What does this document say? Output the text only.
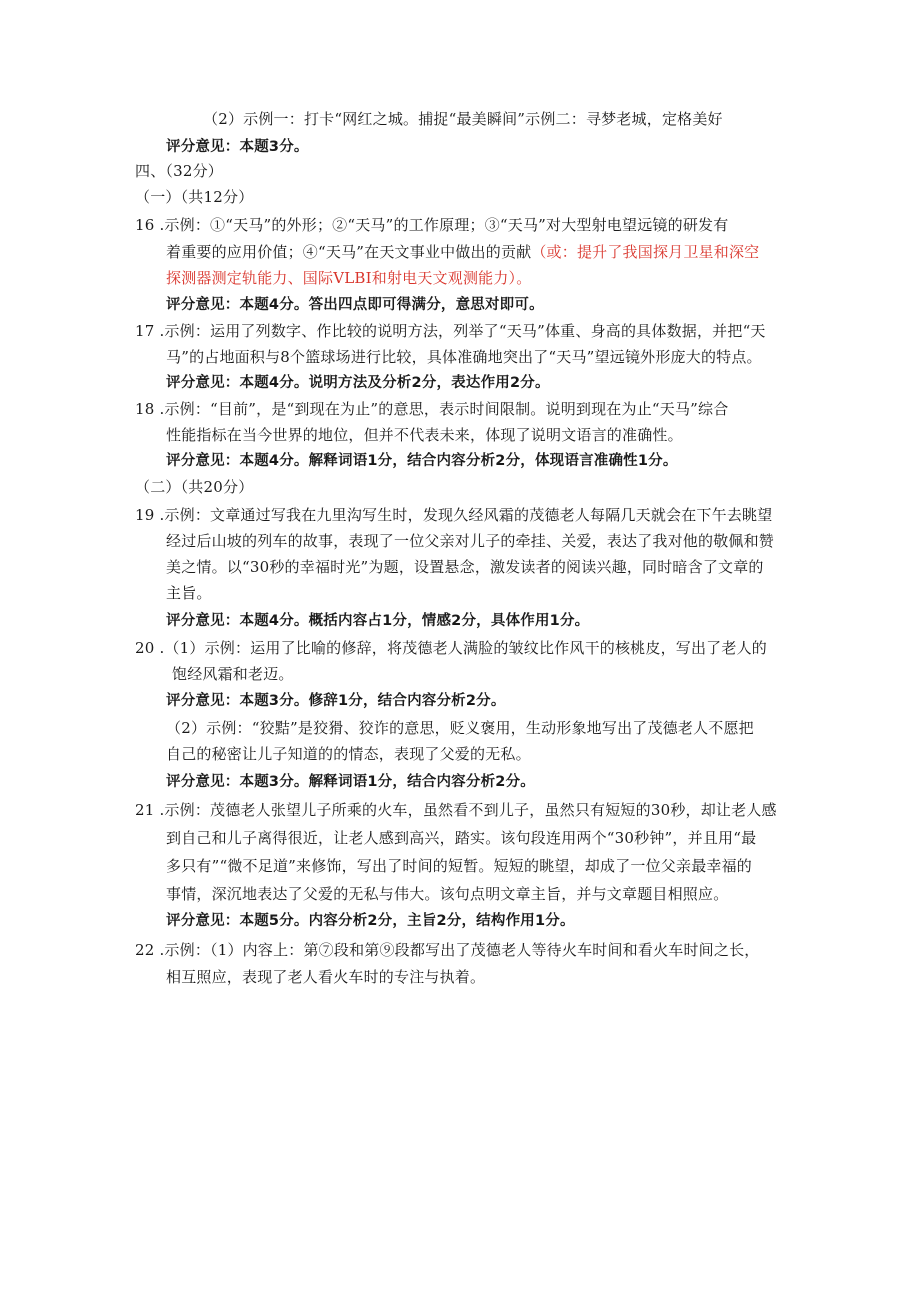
（2）示例一：打卡“网红之城。捕捉“最美瞬间”示例二：寻梦老城，定格美好
评分意见：本题3分。
四、（32分）
（一）（共12分）
16 .示例：①“天马”的外形；②“天马”的工作原理；③“天马”对大型射电望远镜的研发有
着重要的应用价值；④“天马”在天文事业中做出的贡献（或：提升了我国探月卫星和深空
探测器测定轨能力、国际VLBI和射电天文观测能力）。
评分意见：本题4分。答出四点即可得满分，意思对即可。
17 .示例：运用了列数字、作比较的说明方法，列举了“天马”体重、身高的具体数据，并把“天
马”的占地面积与8个篮球场进行比较，具体准确地突出了“天马”望远镜外形庞大的特点。
评分意见：本题4分。说明方法及分析2分，表达作用2分。
18 .示例：“目前”，是“到现在为止”的意思，表示时间限制。说明到现在为止“天马”综合
性能指标在当今世界的地位，但并不代表未来，体现了说明文语言的准确性。
评分意见：本题4分。解释词语1分，结合内容分析2分，体现语言准确性1分。
（二）（共20分）
19 .示例：文章通过写我在九里沟写生时，发现久经风霜的茂德老人每隔几天就会在下午去眺望
经过后山坡的列车的故事，表现了一位父亲对儿子的牵挂、关爱，表达了我对他的敬佩和赞
美之情。以“30秒的幸福时光”为题，设置悬念，激发读者的阅读兴趣，同时暗含了文章的
主旨。
评分意见：本题4分。概括内容占1分，情感2分，具体作用1分。
20 .（1）示例：运用了比喻的修辞，将茂德老人满脸的皱纹比作风干的核桃皮，写出了老人的
饱经风霜和老迈。
评分意见：本题3分。修辞1分，结合内容分析2分。
（2）示例：“狡黠”是狡猾、狡诈的意思，贬义褒用，生动形象地写出了茂德老人不愿把
自己的秘密让儿子知道的的情态，表现了父爱的无私。
评分意见：本题3分。解释词语1分，结合内容分析2分。
21 .示例：茂德老人张望儿子所乘的火车，虽然看不到儿子，虽然只有短短的30秒，却让老人感
到自己和儿子离得很近，让老人感到高兴，踏实。该句段连用两个“30秒钟”，并且用“最
多只有”“微不足道”来修饰，写出了时间的短暂。短短的眺望，却成了一位父亲最幸福的
事情，深沉地表达了父爱的无私与伟大。该句点明文章主旨，并与文章题目相照应。
评分意见：本题5分。内容分析2分，主旨2分，结构作用1分。
22 .示例：（1）内容上：第⑦段和第⑨段都写出了茂德老人等待火车时间和看火车时间之长，
相互照应，表现了老人看火车时的专注与执着。
